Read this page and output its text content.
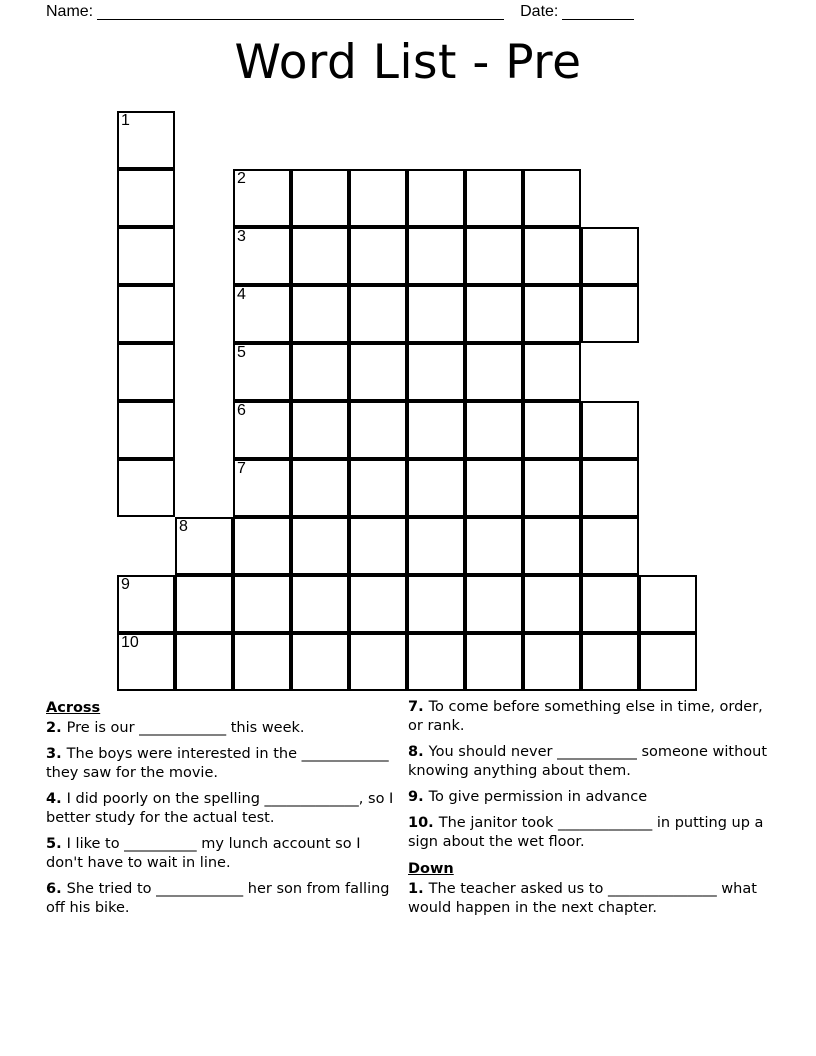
Name:	Date:
Word List - Pre
1
2
3
4
5
6
7
8
9
10
Across
2. Pre is our ____________ this week.
3. The boys were interested in the ____________ they saw for the movie.
4. I did poorly on the spelling _____________, so I better study for the actual test.
5. I like to __________ my lunch account so I don't have to wait in line.
6. She tried to ____________ her son from falling off his bike.
7. To come before something else in time, order, or rank.
8. You should never ___________ someone without knowing anything about them.
9. To give permission in advance
10. The janitor took _____________ in putting up a sign about the wet floor.
Down
1. The teacher asked us to _______________ what would happen in the next chapter.
